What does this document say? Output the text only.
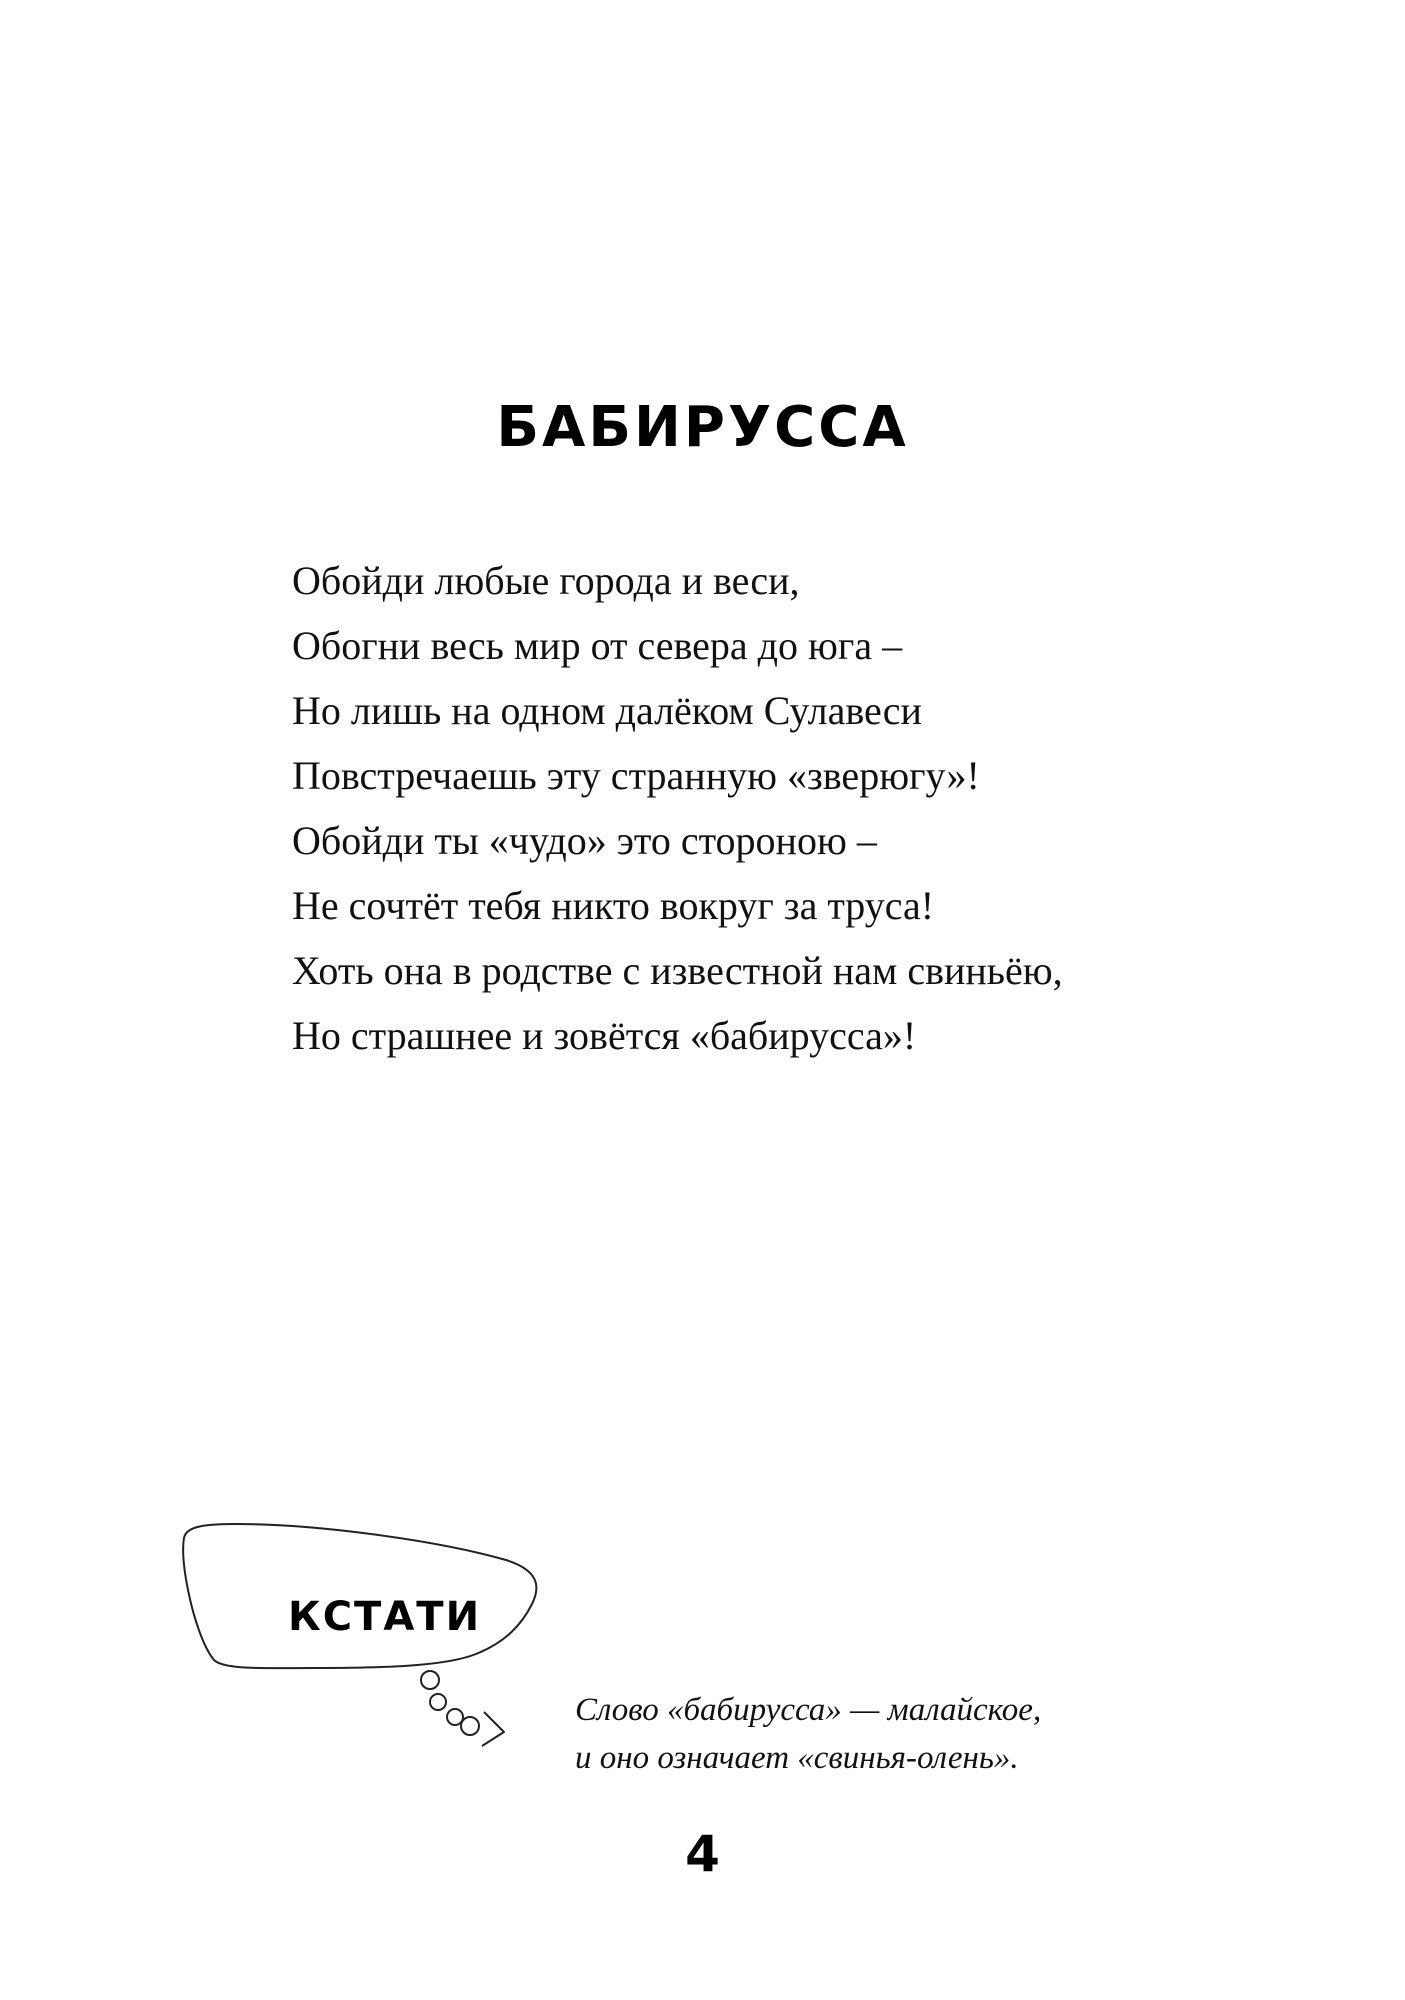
БАБИРУССА
Обойди любые города и веси,
Обогни весь мир от севера до юга –
Но лишь на одном далёком Сулавеси
Повстречаешь эту странную «зверюгу»!
Обойди ты «чудо» это стороною –
Не сочтёт тебя никто вокруг за труса!
Хоть она в родстве с известной нам свиньёю,
Но страшнее и зовётся «бабирусса»!
КСТАТИ
Слово «бабирусса» — малайское,
и оно означает «свинья-олень».
4
